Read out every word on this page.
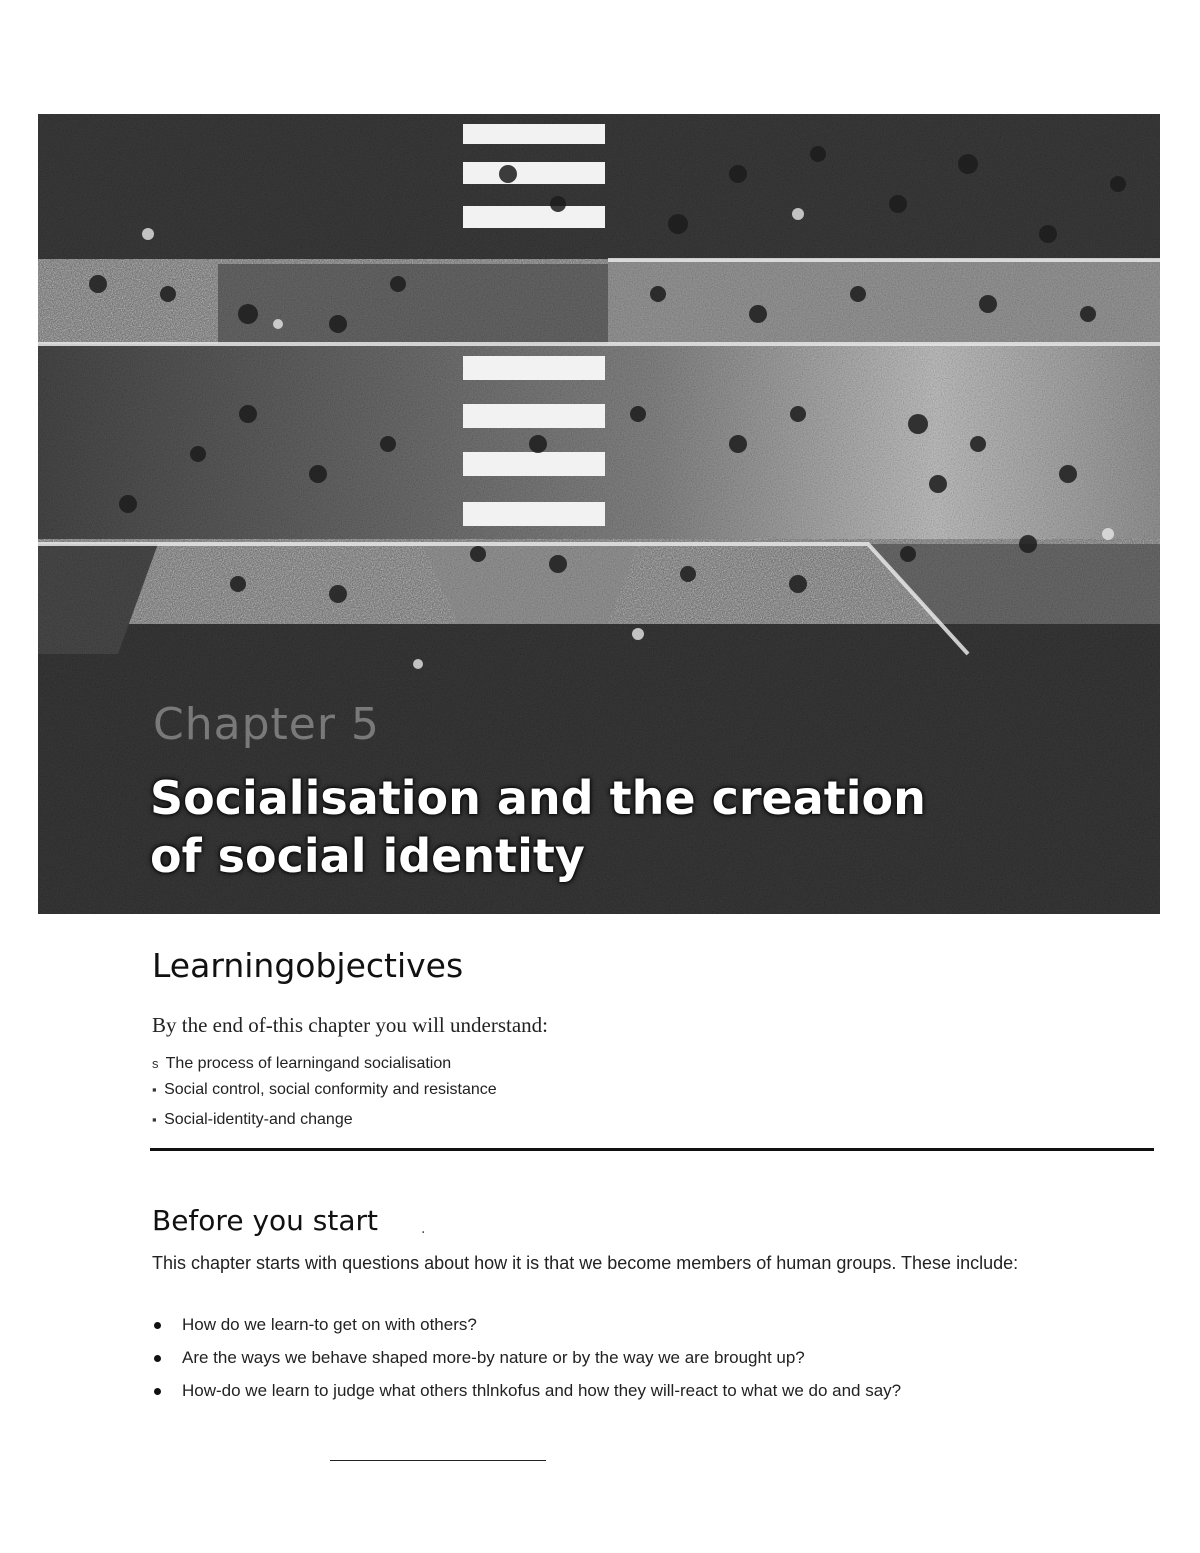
Chapter 5
Socialisation and the creation
of social identity
Learningobjectives
By the end of-this chapter you will understand:
s The process of learningand socialisation
▪ Social control, social conformity and resistance
▪ Social-identity-and change
Before you start	.
This chapter starts with questions about how it is that we become members of human groups. These include:
How do we learn-to get on with others?
Are the ways we behave shaped more-by nature or by the way we are brought up?
How-do we learn to judge what others thlnkofus and how they will-react to what we do and say?
